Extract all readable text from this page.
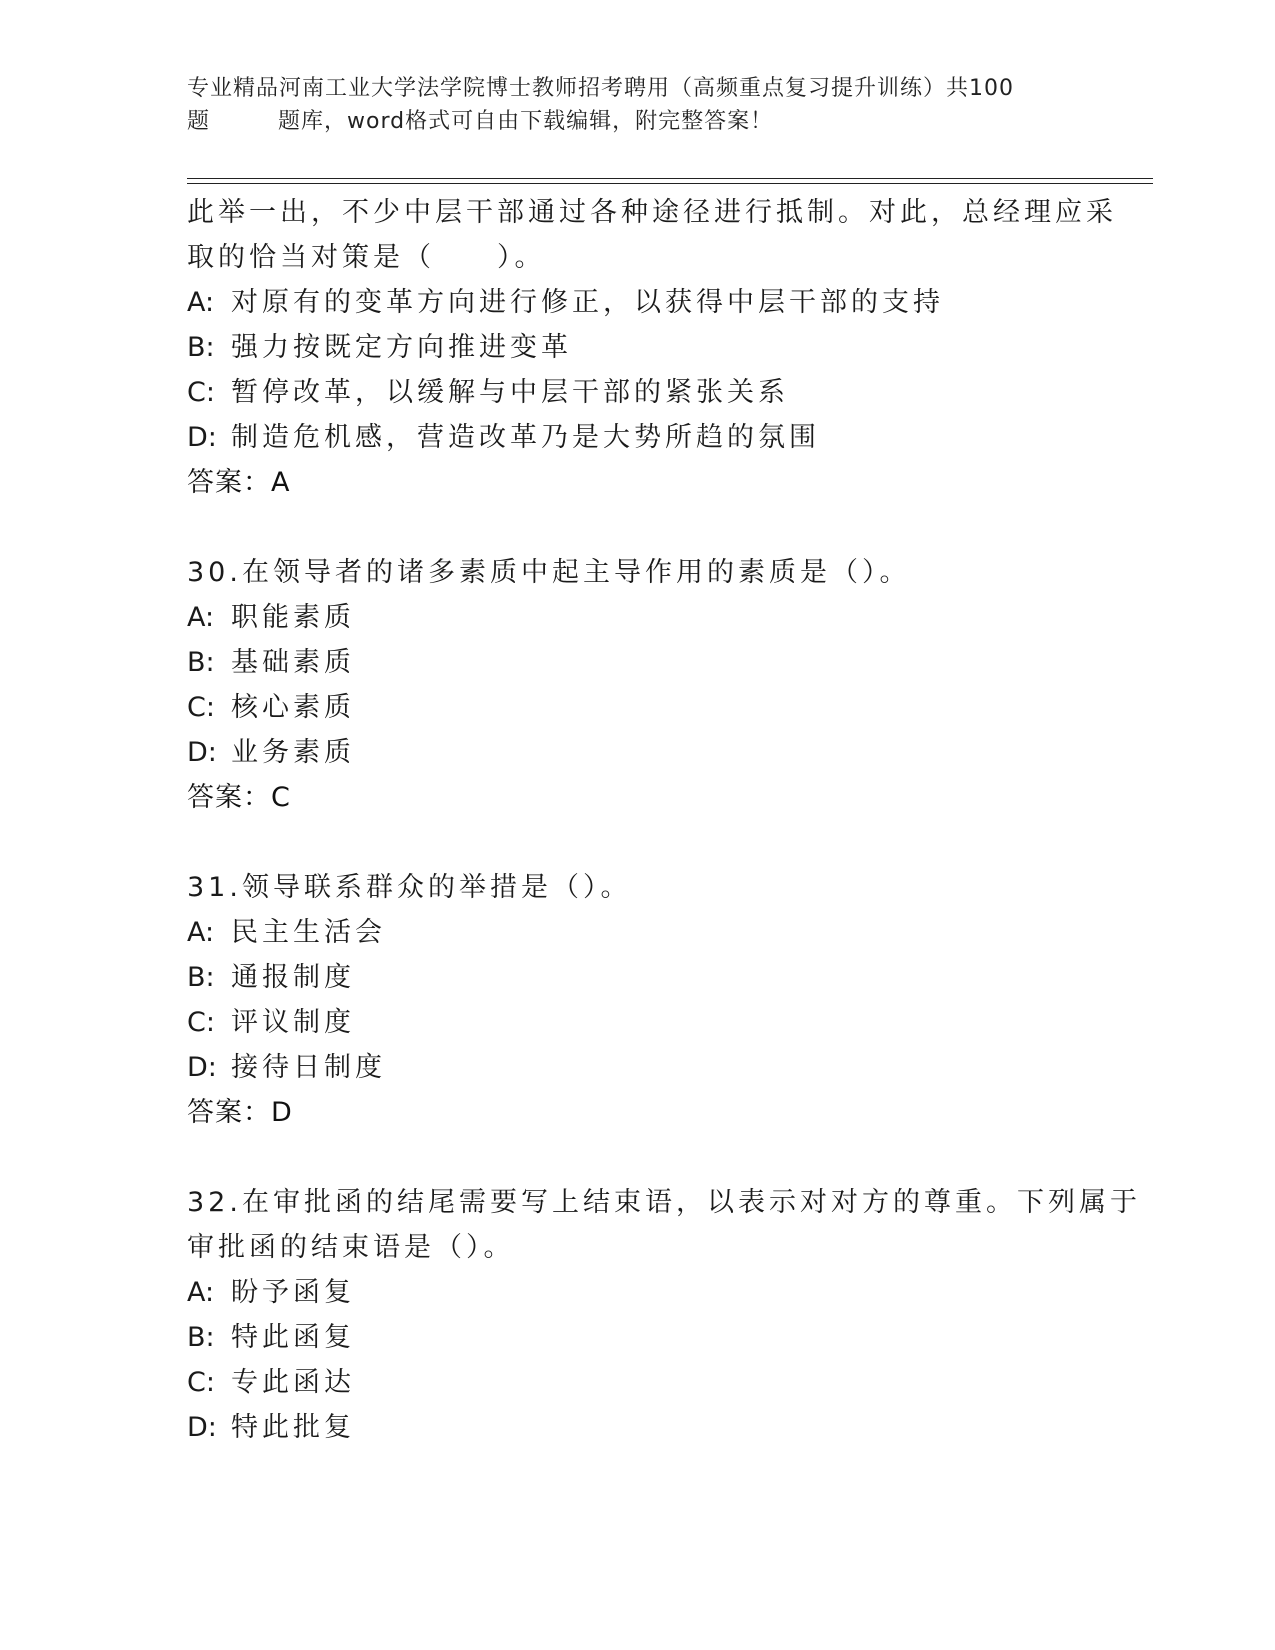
专业精品河南工业大学法学院博士教师招考聘用（高频重点复习提升训练）共100
题	题库，word格式可自由下载编辑，附完整答案！
此举一出，不少中层干部通过各种途径进行抵制。对此，总经理应采
取的恰当对策是（　　）。
A: 对原有的变革方向进行修正，以获得中层干部的支持
B: 强力按既定方向推进变革
C: 暂停改革，以缓解与中层干部的紧张关系
D: 制造危机感，营造改革乃是大势所趋的氛围
答案：A
30.在领导者的诸多素质中起主导作用的素质是（）。
A: 职能素质
B: 基础素质
C: 核心素质
D: 业务素质
答案：C
31.领导联系群众的举措是（）。
A: 民主生活会
B: 通报制度
C: 评议制度
D: 接待日制度
答案：D
32.在审批函的结尾需要写上结束语，以表示对对方的尊重。下列属于
审批函的结束语是（）。
A: 盼予函复
B: 特此函复
C: 专此函达
D: 特此批复
